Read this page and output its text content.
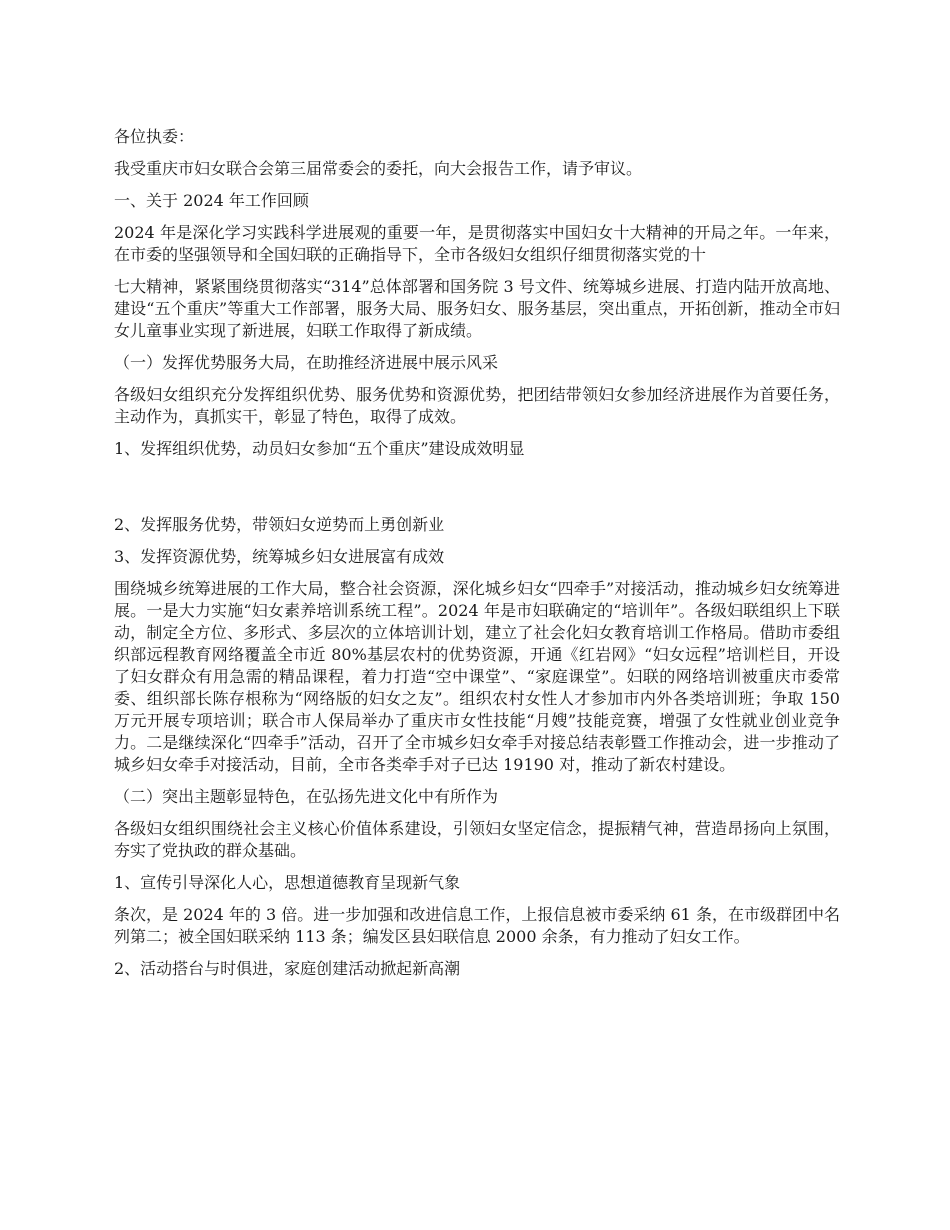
各位执委：

我受重庆市妇女联合会第三届常委会的委托，向大会报告工作，请予审议。

一、关于 2024 年工作回顾

2024 年是深化学习实践科学进展观的重要一年，是贯彻落实中国妇女十大精神的开局之年。一年来，在市委的坚强领导和全国妇联的正确指导下，全市各级妇女组织仔细贯彻落实党的十

七大精神，紧紧围绕贯彻落实“314”总体部署和国务院 3 号文件、统筹城乡进展、打造内陆开放高地、建设“五个重庆”等重大工作部署，服务大局、服务妇女、服务基层，突出重点，开拓创新，推动全市妇女儿童事业实现了新进展，妇联工作取得了新成绩。

（一）发挥优势服务大局，在助推经济进展中展示风采

各级妇女组织充分发挥组织优势、服务优势和资源优势，把团结带领妇女参加经济进展作为首要任务，主动作为，真抓实干，彰显了特色，取得了成效。

1、发挥组织优势，动员妇女参加“五个重庆”建设成效明显

2、发挥服务优势，带领妇女逆势而上勇创新业

3、发挥资源优势，统筹城乡妇女进展富有成效

围绕城乡统筹进展的工作大局，整合社会资源，深化城乡妇女“四牵手”对接活动，推动城乡妇女统筹进展。一是大力实施“妇女素养培训系统工程”。2024 年是市妇联确定的“培训年”。各级妇联组织上下联动，制定全方位、多形式、多层次的立体培训计划，建立了社会化妇女教育培训工作格局。借助市委组织部远程教育网络覆盖全市近 80%基层农村的优势资源，开通《红岩网》“妇女远程”培训栏目，开设了妇女群众有用急需的精品课程，着力打造“空中课堂”、“家庭课堂”。妇联的网络培训被重庆市委常委、组织部长陈存根称为“网络版的妇女之友”。组织农村女性人才参加市内外各类培训班；争取 150 万元开展专项培训；联合市人保局举办了重庆市女性技能“月嫂”技能竞赛，增强了女性就业创业竞争力。二是继续深化“四牵手”活动，召开了全市城乡妇女牵手对接总结表彰暨工作推动会，进一步推动了城乡妇女牵手对接活动，目前，全市各类牵手对子已达 19190 对，推动了新农村建设。

（二）突出主题彰显特色，在弘扬先进文化中有所作为

各级妇女组织围绕社会主义核心价值体系建设，引领妇女坚定信念，提振精气神，营造昂扬向上氛围，夯实了党执政的群众基础。

1、宣传引导深化人心，思想道德教育呈现新气象

条次，是 2024 年的 3 倍。进一步加强和改进信息工作，上报信息被市委采纳 61 条，在市级群团中名列第二；被全国妇联采纳 113 条；编发区县妇联信息 2000 余条，有力推动了妇女工作。

2、活动搭台与时俱进，家庭创建活动掀起新高潮
